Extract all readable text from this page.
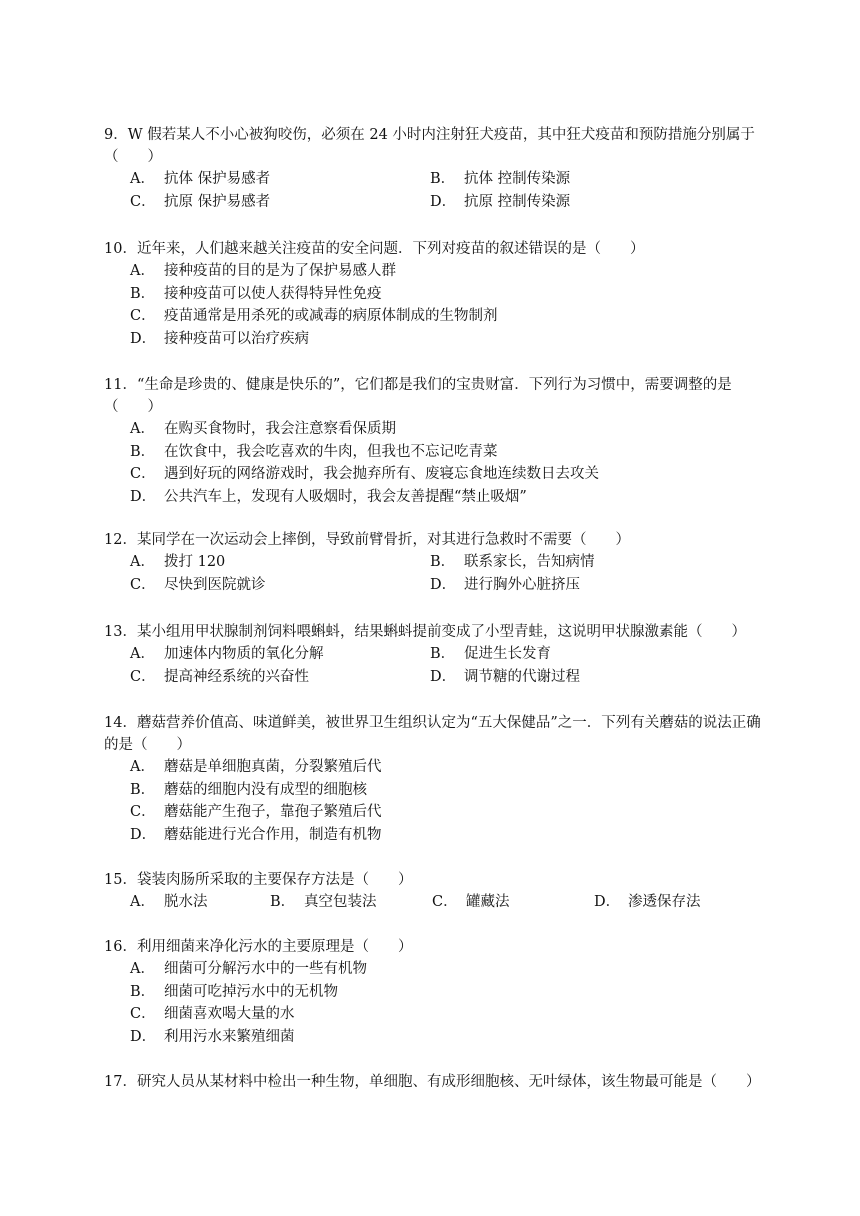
9．W 假若某人不小心被狗咬伤，必须在 24 小时内注射狂犬疫苗，其中狂犬疫苗和预防措施分别属于（　　）
A． 抗体 保护易感者	B． 抗体 控制传染源
C． 抗原 保护易感者	D． 抗原 控制传染源
10．近年来，人们越来越关注疫苗的安全问题．下列对疫苗的叙述错误的是（　　）
A． 接种疫苗的目的是为了保护易感人群
B． 接种疫苗可以使人获得特异性免疫
C． 疫苗通常是用杀死的或减毒的病原体制成的生物制剂
D． 接种疫苗可以治疗疾病
11．“生命是珍贵的、健康是快乐的”，它们都是我们的宝贵财富．下列行为习惯中，需要调整的是（　　）
A． 在购买食物时，我会注意察看保质期
B． 在饮食中，我会吃喜欢的牛肉，但我也不忘记吃青菜
C． 遇到好玩的网络游戏时，我会抛弃所有、废寝忘食地连续数日去攻关
D． 公共汽车上，发现有人吸烟时，我会友善提醒“禁止吸烟”
12．某同学在一次运动会上摔倒，导致前臂骨折，对其进行急救时不需要（　　）
A． 拨打 120	B． 联系家长，告知病情
C． 尽快到医院就诊	D． 进行胸外心脏挤压
13．某小组用甲状腺制剂饲料喂蝌蚪，结果蝌蚪提前变成了小型青蛙，这说明甲状腺激素能（　　）
A． 加速体内物质的氧化分解	B． 促进生长发育
C． 提高神经系统的兴奋性	D． 调节糖的代谢过程
14．蘑菇营养价值高、味道鲜美，被世界卫生组织认定为“五大保健品”之一．下列有关蘑菇的说法正确的是（　　）
A． 蘑菇是单细胞真菌，分裂繁殖后代
B． 蘑菇的细胞内没有成型的细胞核
C． 蘑菇能产生孢子，靠孢子繁殖后代
D． 蘑菇能进行光合作用，制造有机物
15．袋装肉肠所采取的主要保存方法是（　　）
A． 脱水法	B． 真空包装法	C． 罐藏法	D． 渗透保存法
16．利用细菌来净化污水的主要原理是（　　）
A． 细菌可分解污水中的一些有机物
B． 细菌可吃掉污水中的无机物
C． 细菌喜欢喝大量的水
D． 利用污水来繁殖细菌
17．研究人员从某材料中检出一种生物，单细胞、有成形细胞核、无叶绿体，该生物最可能是（　　）
